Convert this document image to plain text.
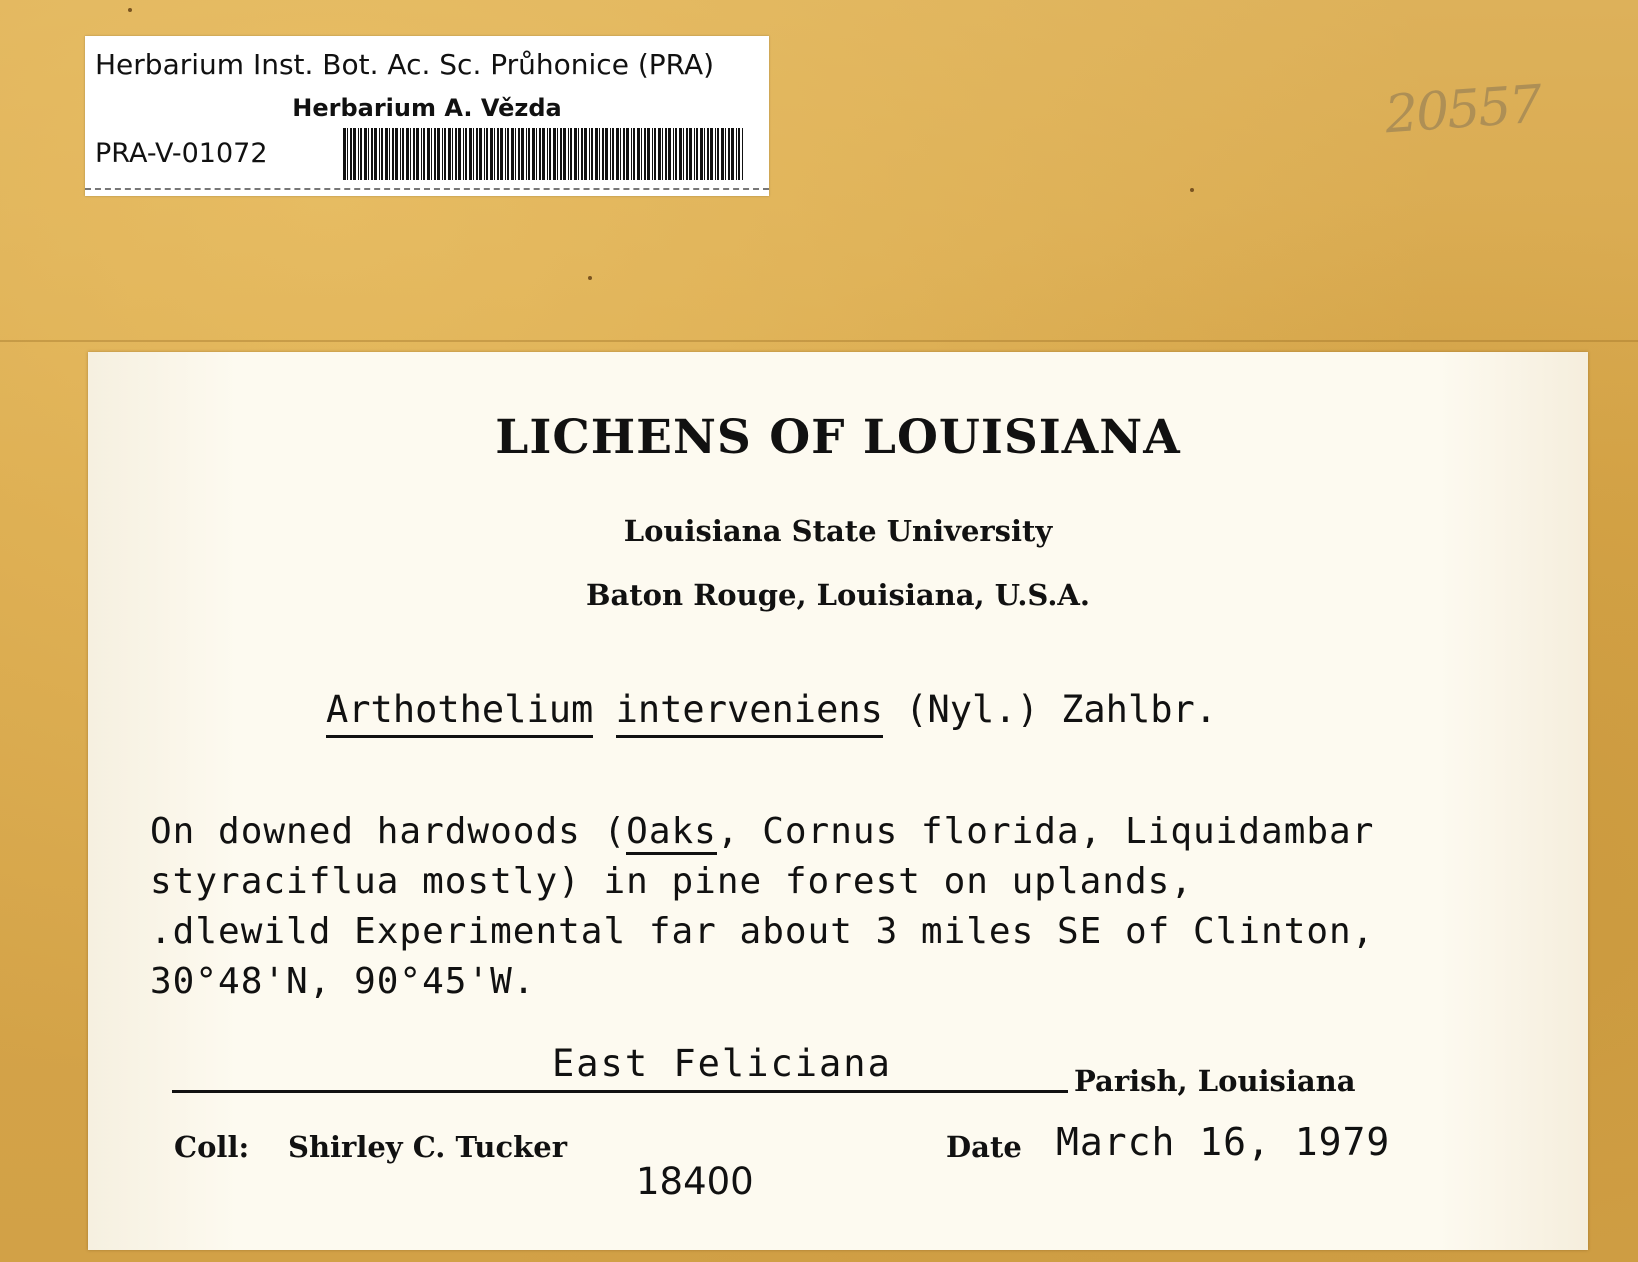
Herbarium Inst. Bot. Ac. Sc. Průhonice (PRA)
Herbarium A. Vězda
PRA-V-01072
20557
LICHENS OF LOUISIANA
Louisiana State University
Baton Rouge, Louisiana, U.S.A.
Arthothelium interveniens (Nyl.) Zahlbr.
On downed hardwoods (Oaks, Cornus florida, Liquidambar
styraciflua mostly) in pine forest on uplands,
.dlewild Experimental far about 3 miles SE of Clinton,
30°48'N, 90°45'W.
East Feliciana	Parish, Louisiana
Coll: Shirley C. Tucker
18400
Date March 16, 1979
